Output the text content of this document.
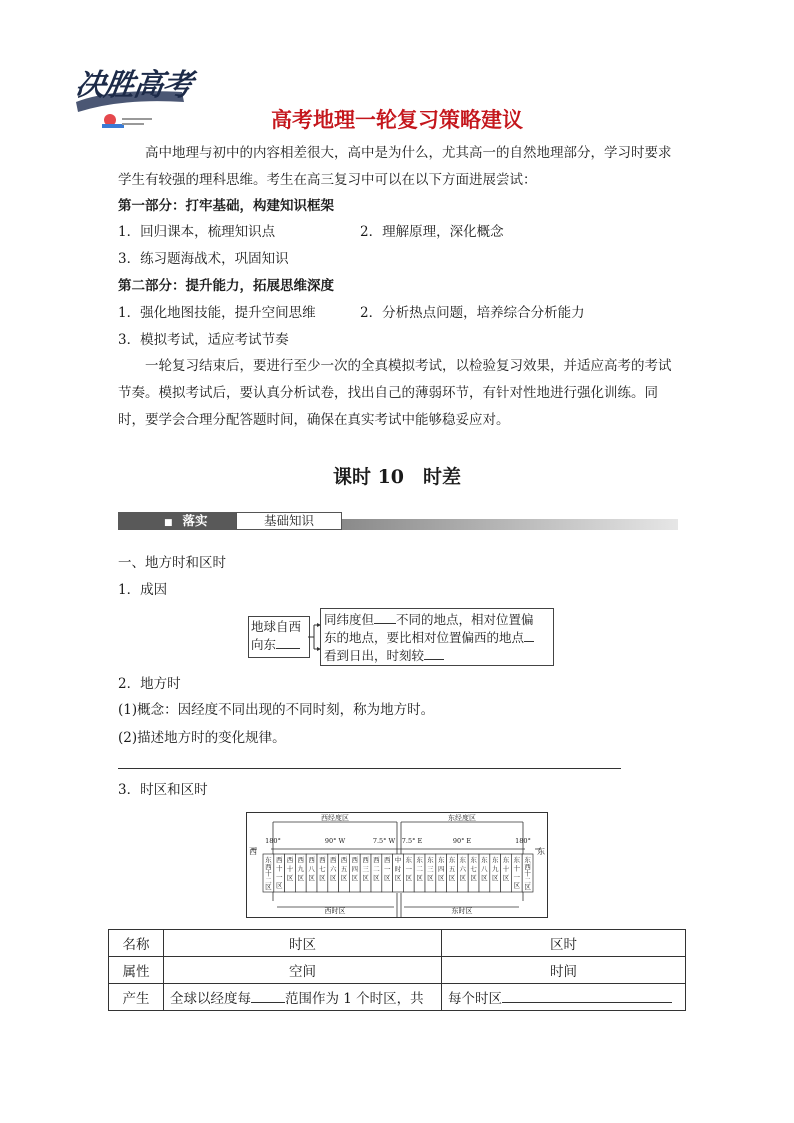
决胜高考
高考地理一轮复习策略建议
高中地理与初中的内容相差很大，高中是为什么，尤其高一的自然地理部分，学习时要求学生有较强的理科思维。考生在高三复习中可以在以下方面进展尝试：
第一部分：打牢基础，构建知识框架
1．回归课本，梳理知识点	2．理解原理，深化概念
3．练习题海战术，巩固知识
第二部分：提升能力，拓展思维深度
1．强化地图技能，提升空间思维	2．分析热点问题，培养综合分析能力
3．模拟考试，适应考试节奏
一轮复习结束后，要进行至少一次的全真模拟考试，以检验复习效果，并适应高考的考试节奏。模拟考试后，要认真分析试卷，找出自己的薄弱环节，有针对性地进行强化训练。同时，要学会合理分配答题时间，确保在真实考试中能够稳妥应对。
课时 10　时差
■ 落实	基础知识
一、地方时和区时
1．成因
地球自西
向东
同纬度但 不同的地点，相对位置偏
东的地点，要比相对位置偏西的地点
看到日出，时刻较
2．地方时
(1)概念：因经度不同出现的不同时刻，称为地方时。
(2)描述地方时的变化规律。
3．时区和区时
西经度区	东经度区
180°	90° W	7.5° W 7.5° E	90° E	180°
西	东
西时区	东时区
东
西
十
二
区
西
十
一
区
西
十
区
西
九
区
西
八
区
西
七
区
西
六
区
西
五
区
西
四
区
西
三
区
西
二
区
西
一
区
中
时
区
东
一
区
东
二
区
东
三
区
东
四
区
东
五
区
东
六
区
东
七
区
东
八
区
东
九
区
东
十
区
东
十
一
区
东
西
十
二
区
名称	时区	区时
属性	空间	时间
产生	全球以经度每 范围作为 1 个时区，共	每个时区
